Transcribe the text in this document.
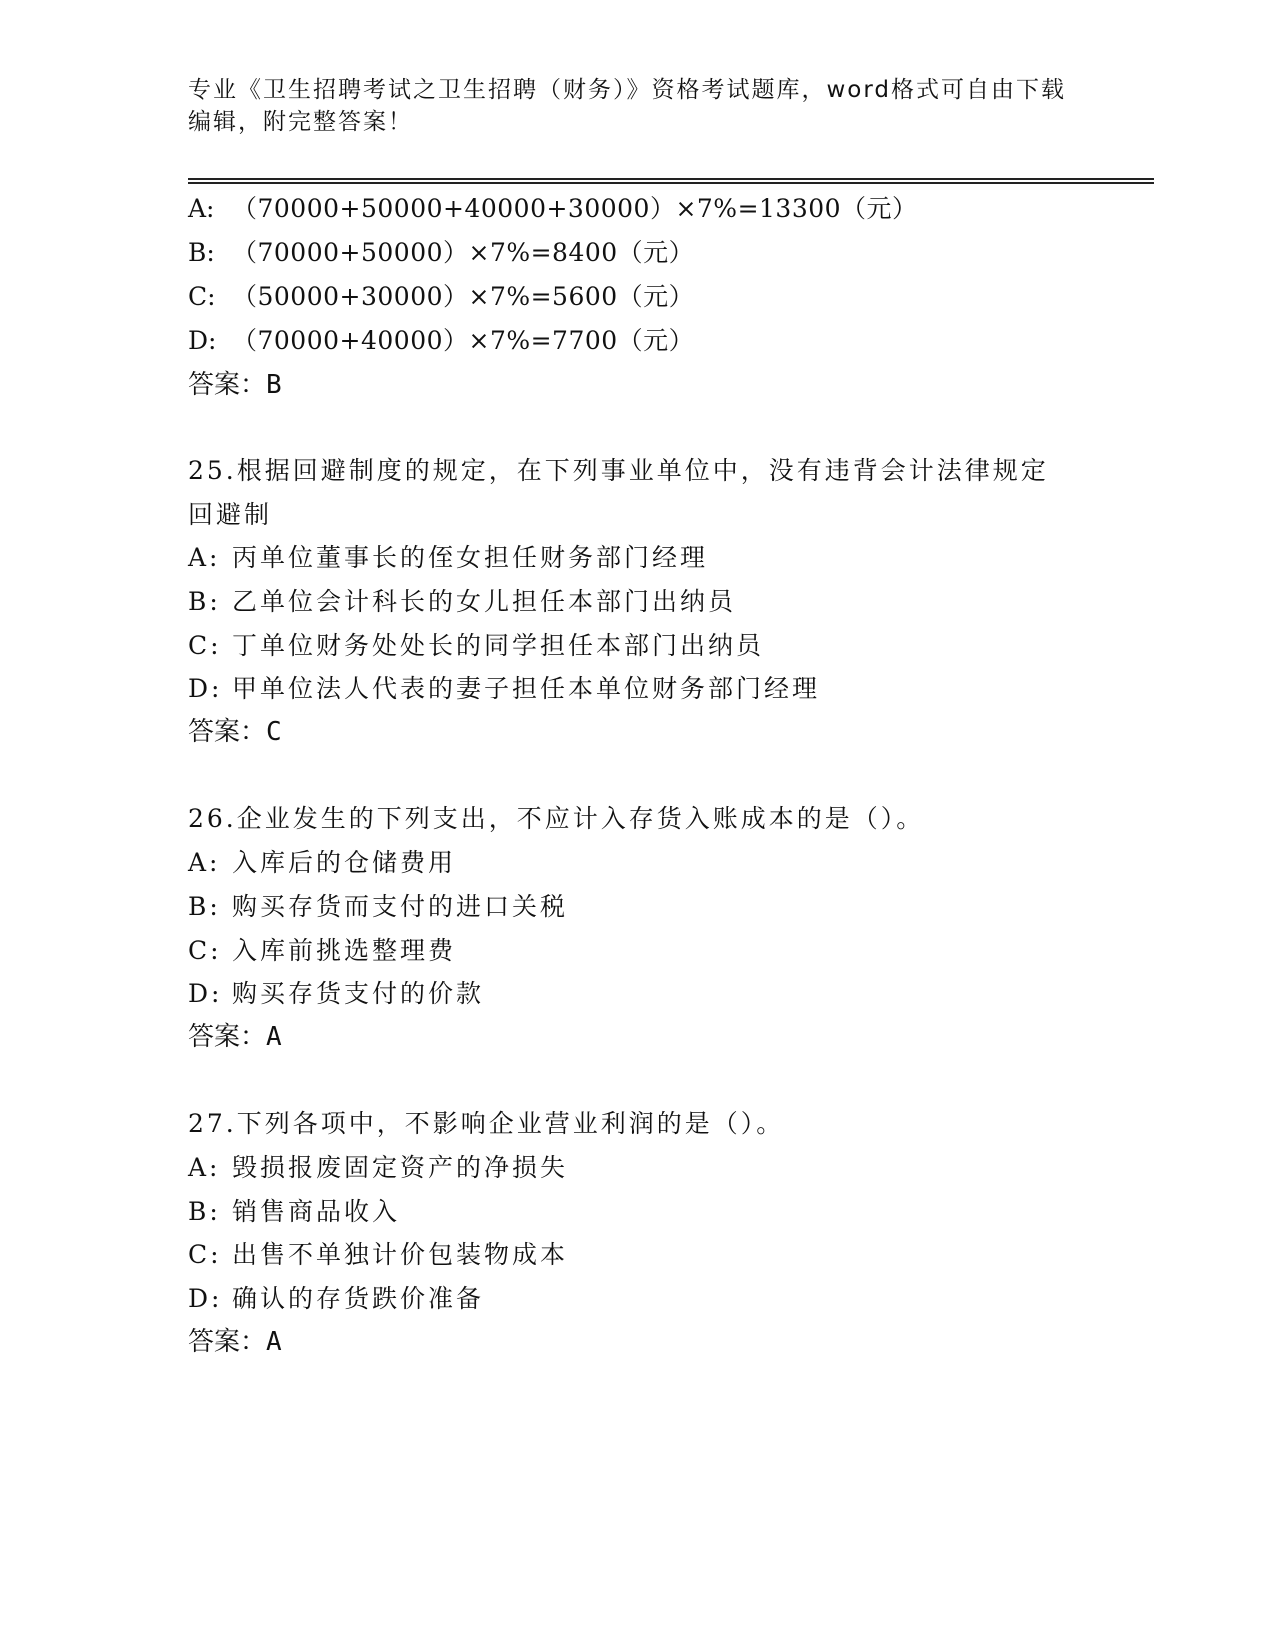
专业《卫生招聘考试之卫生招聘（财务）》资格考试题库，word格式可自由下载
编辑，附完整答案！
A: （70000+50000+40000+30000）×7%=13300（元）
B: （70000+50000）×7%=8400（元）
C: （50000+30000）×7%=5600（元）
D: （70000+40000）×7%=7700（元）
答案：B
25.根据回避制度的规定，在下列事业单位中，没有违背会计法律规定
回避制
A: 丙单位董事长的侄女担任财务部门经理
B: 乙单位会计科长的女儿担任本部门出纳员
C: 丁单位财务处处长的同学担任本部门出纳员
D: 甲单位法人代表的妻子担任本单位财务部门经理
答案：C
26.企业发生的下列支出，不应计入存货入账成本的是（）。
A: 入库后的仓储费用
B: 购买存货而支付的进口关税
C: 入库前挑选整理费
D: 购买存货支付的价款
答案：A
27.下列各项中，不影响企业营业利润的是（）。
A: 毁损报废固定资产的净损失
B: 销售商品收入
C: 出售不单独计价包装物成本
D: 确认的存货跌价准备
答案：A
